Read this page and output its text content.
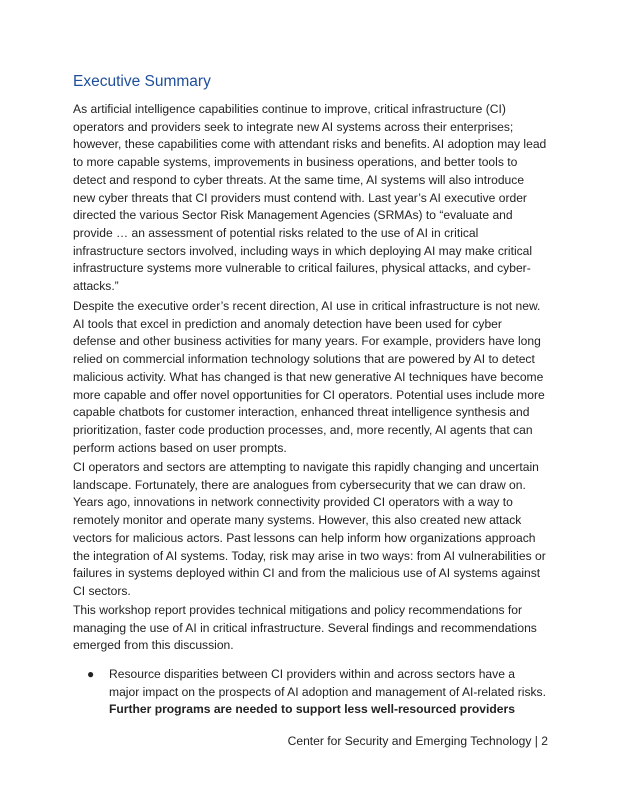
Executive Summary

As artificial intelligence capabilities continue to improve, critical infrastructure (CI) operators and providers seek to integrate new AI systems across their enterprises; however, these capabilities come with attendant risks and benefits. AI adoption may lead to more capable systems, improvements in business operations, and better tools to detect and respond to cyber threats. At the same time, AI systems will also introduce new cyber threats that CI providers must contend with. Last year’s AI executive order directed the various Sector Risk Management Agencies (SRMAs) to “evaluate and provide … an assessment of potential risks related to the use of AI in critical infrastructure sectors involved, including ways in which deploying AI may make critical infrastructure systems more vulnerable to critical failures, physical attacks, and cyber-attacks.”

Despite the executive order’s recent direction, AI use in critical infrastructure is not new. AI tools that excel in prediction and anomaly detection have been used for cyber defense and other business activities for many years. For example, providers have long relied on commercial information technology solutions that are powered by AI to detect malicious activity. What has changed is that new generative AI techniques have become more capable and offer novel opportunities for CI operators. Potential uses include more capable chatbots for customer interaction, enhanced threat intelligence synthesis and prioritization, faster code production processes, and, more recently, AI agents that can perform actions based on user prompts.

CI operators and sectors are attempting to navigate this rapidly changing and uncertain landscape. Fortunately, there are analogues from cybersecurity that we can draw on. Years ago, innovations in network connectivity provided CI operators with a way to remotely monitor and operate many systems. However, this also created new attack vectors for malicious actors. Past lessons can help inform how organizations approach the integration of AI systems. Today, risk may arise in two ways: from AI vulnerabilities or failures in systems deployed within CI and from the malicious use of AI systems against CI sectors.

This workshop report provides technical mitigations and policy recommendations for managing the use of AI in critical infrastructure. Several findings and recommendations emerged from this discussion.

● Resource disparities between CI providers within and across sectors have a major impact on the prospects of AI adoption and management of AI-related risks. Further programs are needed to support less well-resourced providers
Center for Security and Emerging Technology | 2
